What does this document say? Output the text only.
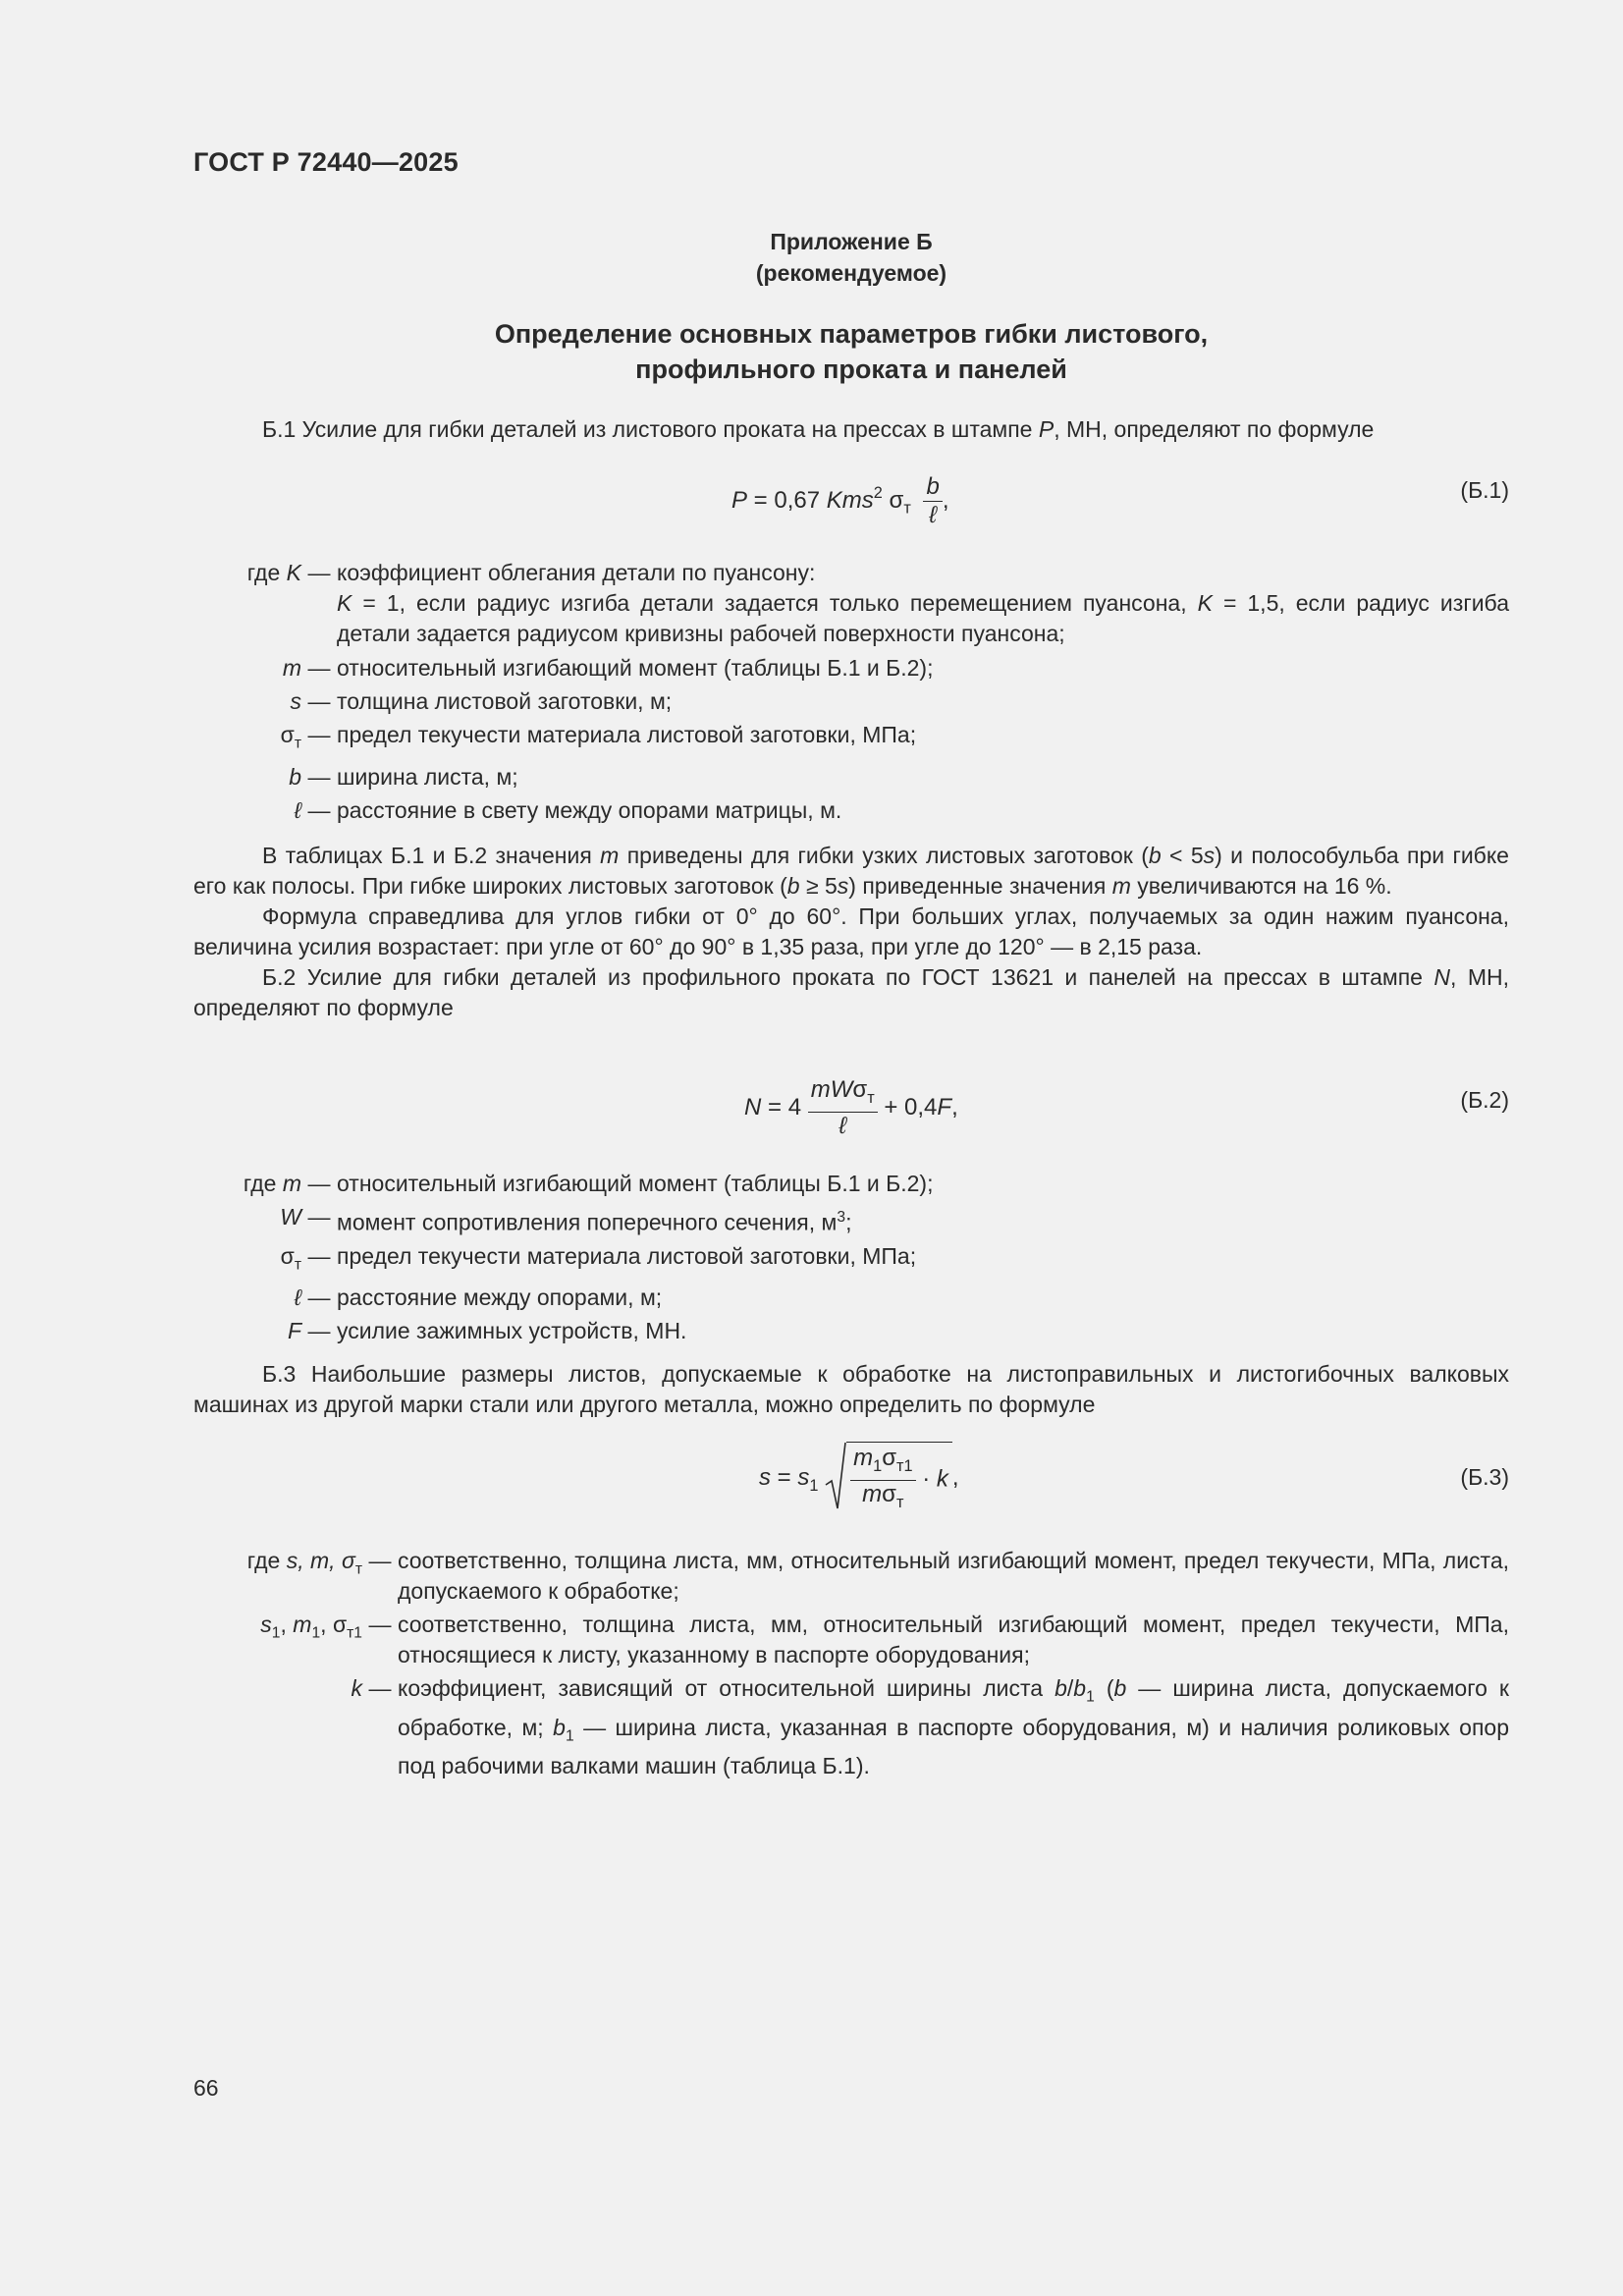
ГОСТ Р 72440—2025
Приложение Б
(рекомендуемое)
Определение основных параметров гибки листового,
профильного проката и панелей

Б.1 Усилие для гибки деталей из листового проката на прессах в штампе P, МН, определяют по формуле

P = 0,67 Kms$^2$ $\sigma_т \frac{b}{\text{ℓ}}$ ,	(Б.1)
где K — коэффициент облегания детали по пуансону:
K = 1, если радиус изгиба детали задается только перемещением пуансона, K = 1,5, если радиус изгиба детали задается радиусом кривизны рабочей поверхности пуансона;
m — относительный изгибающий момент (таблицы Б.1 и Б.2);
s — толщина листовой заготовки, м;
$\sigma_т$ — предел текучести материала листовой заготовки, МПа;
b — ширина листа, м;
ℓ — расстояние в свету между опорами матрицы, м.

В таблицах Б.1 и Б.2 значения m приведены для гибки узких листовых заготовок (b < 5s) и полособульба при гибке его как полосы. При гибке широких листовых заготовок (b ≥ 5s) приведенные значения m увеличиваются на 16 %.

Формула справедлива для углов гибки от 0° до 60°. При больших углах, получаемых за один нажим пуансона, величина усилия возрастает: при угле от 60° до 90° в 1,35 раза, при угле до 120° — в 2,15 раза.

Б.2 Усилие для гибки деталей из профильного проката по ГОСТ 13621 и панелей на прессах в штампе N, МН, определяют по формуле

$N = 4 \frac{mW\sigma_т}{\text{ℓ}} + 0,4F$,	(Б.2)
где m — относительный изгибающий момент (таблицы Б.1 и Б.2);
W — момент сопротивления поперечного сечения, $м^3$;
$\sigma_т$ — предел текучести материала листовой заготовки, МПа;
ℓ — расстояние между опорами, м;
F — усилие зажимных устройств, МН.

Б.3 Наибольшие размеры листов, допускаемые к обработке на листоправильных и листогибочных валковых машинах из другой марки стали или другого металла, можно определить по формуле

$s = s_1 \frac{m_1\sigma_{т1}}{m\sigma_т} \cdot k$ ,	(Б.3)
где s, m, $\sigma_т$ — соответственно, толщина листа, мм, относительный изгибающий момент, предел текучести, МПа, листа, допускаемого к обработке;
$s_1$, $m_1$, $\sigma_{т1}$ — соответственно, толщина листа, мм, относительный изгибающий момент, предел текучести, МПа, относящиеся к листу, указанному в паспорте оборудования;
k — коэффициент, зависящий от относительной ширины листа $b/b_1$ (b — ширина листа, допускаемого к обработке, м; $b_1$ — ширина листа, указанная в паспорте оборудования, м) и наличия роликовых опор под рабочими валками машин (таблица Б.1).
66
